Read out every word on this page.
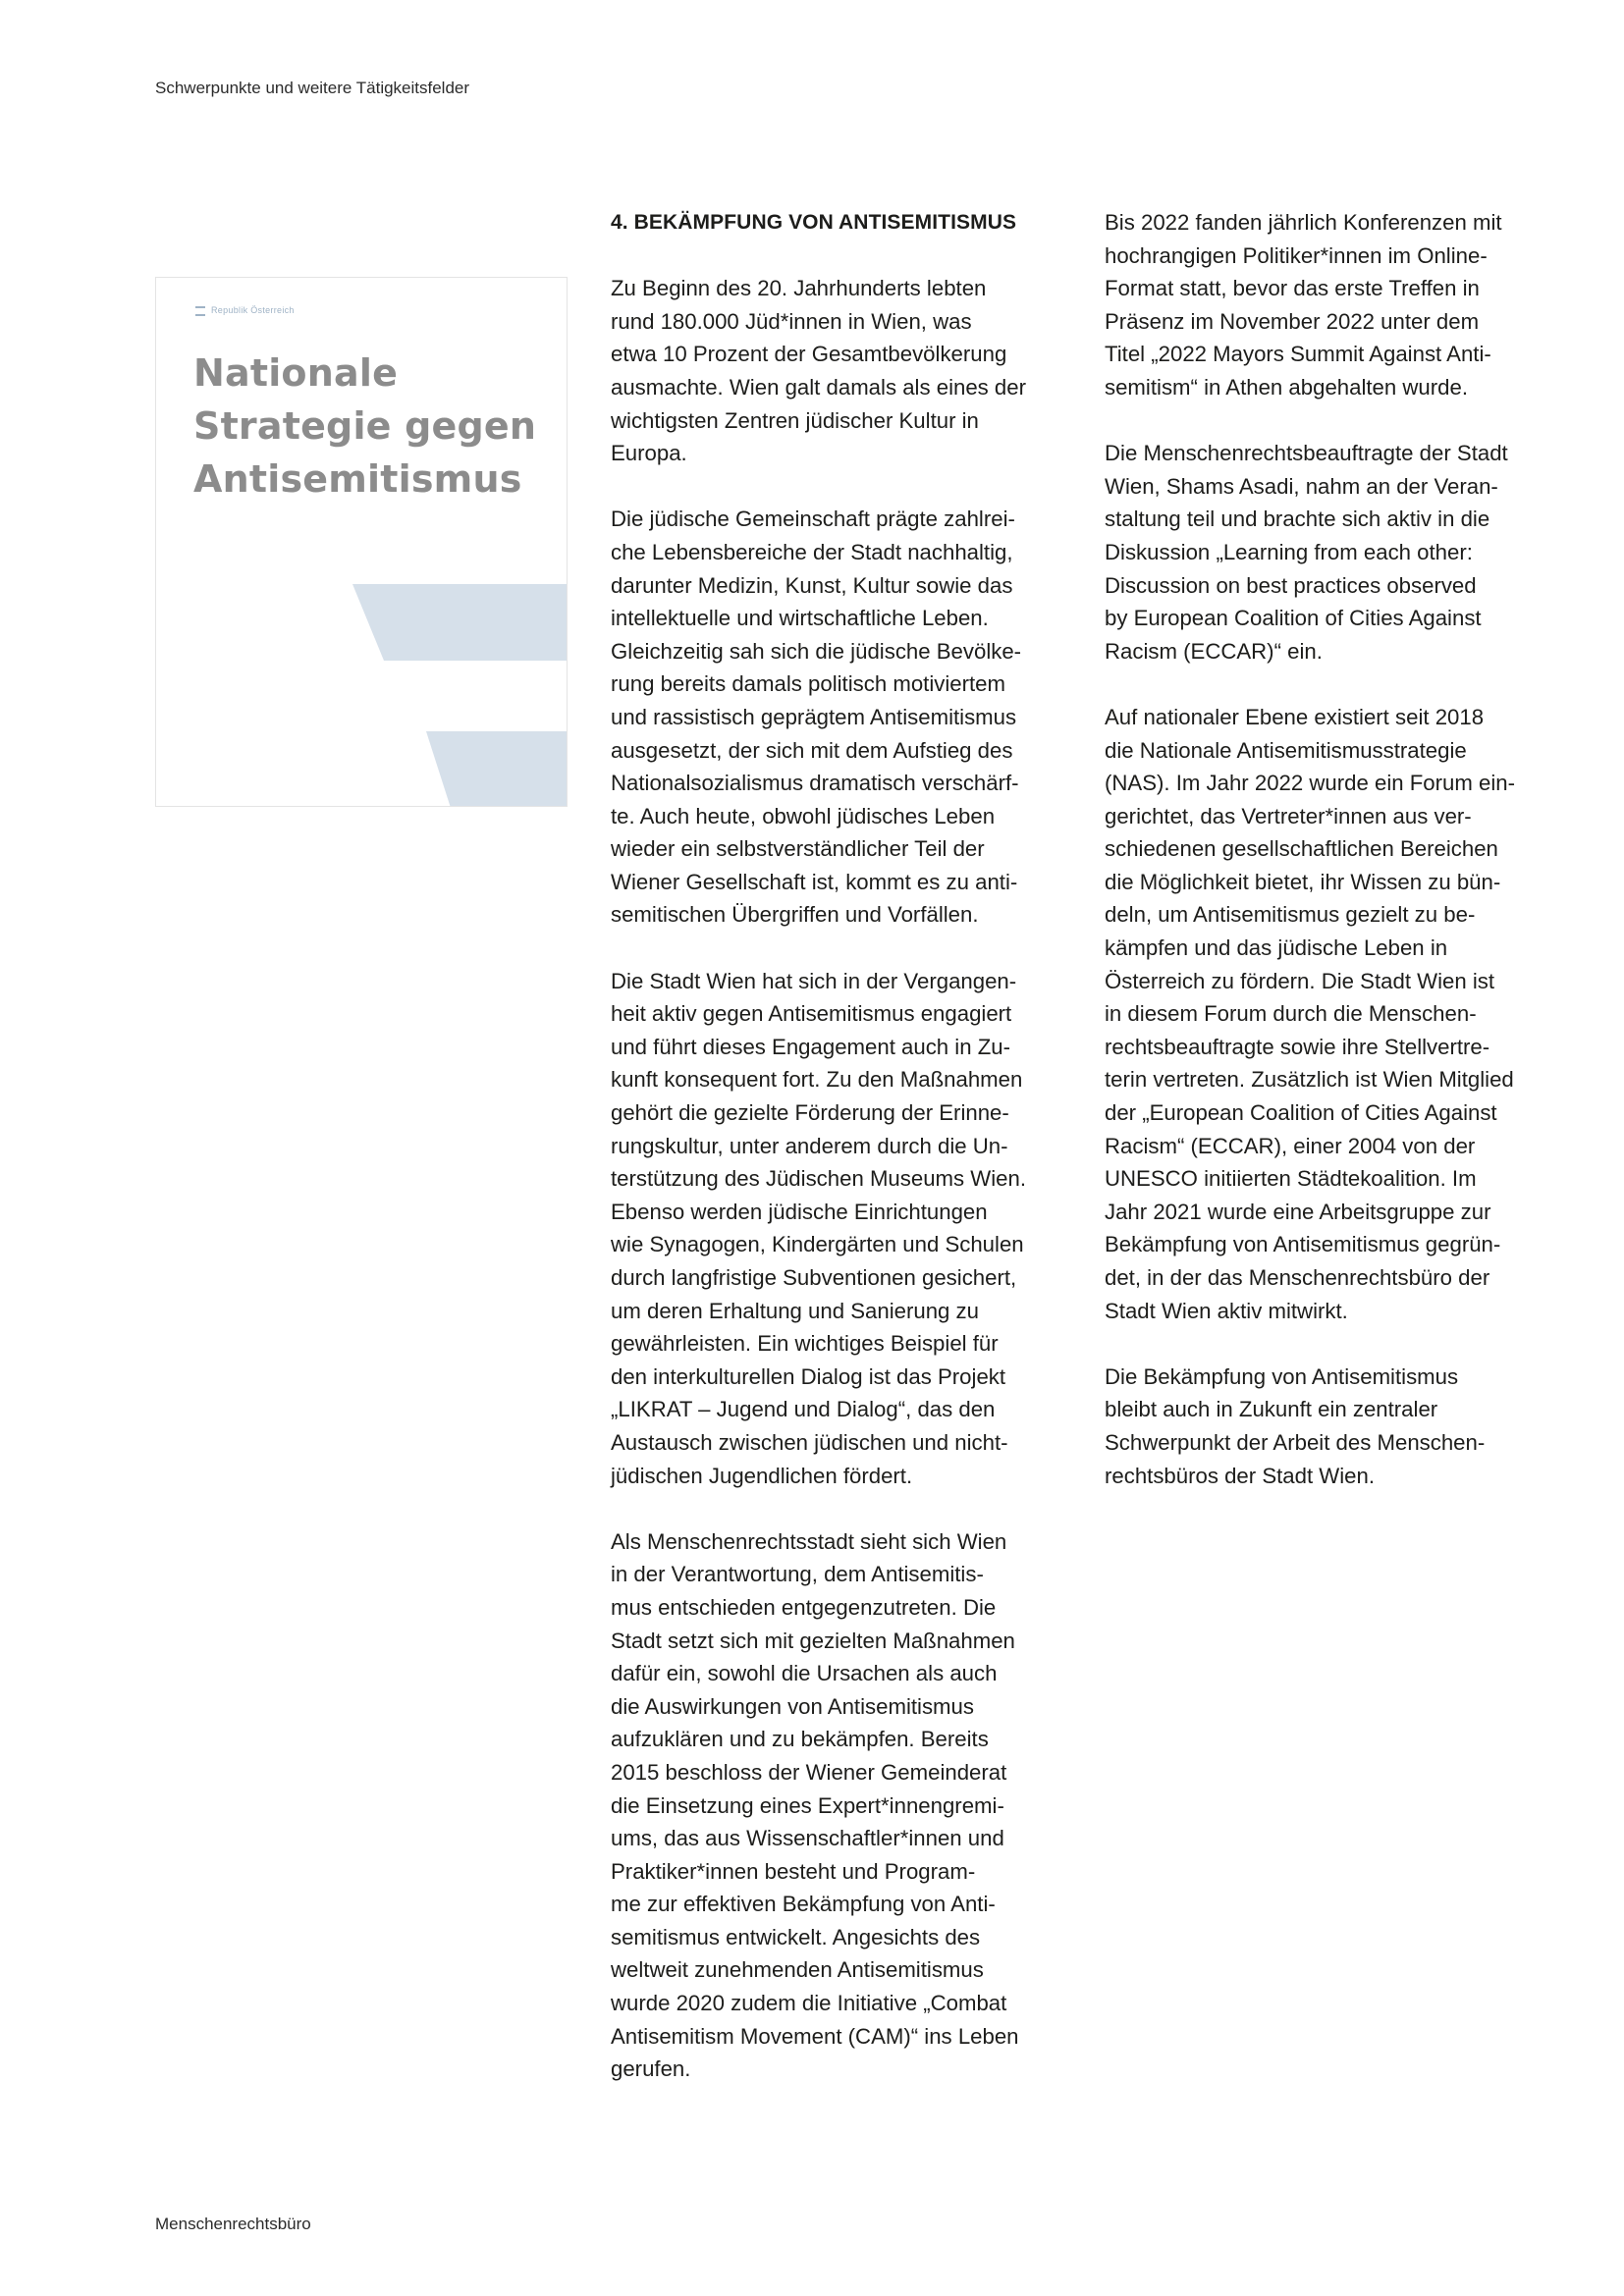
Schwerpunkte und weitere Tätigkeitsfelder
Republik Österreich
Nationale
Strategie gegen
Antisemitismus
4. BEKÄMPFUNG VON ANTISEMITISMUS
Zu Beginn des 20. Jahrhunderts lebten
rund 180.000 Jüd*innen in Wien, was
etwa 10 Prozent der Gesamtbevölkerung
ausmachte. Wien galt damals als eines der
wichtigsten Zentren jüdischer Kultur in
Europa.
Die jüdische Gemeinschaft prägte zahlrei-
che Lebensbereiche der Stadt nachhaltig,
darunter Medizin, Kunst, Kultur sowie das
intellektuelle und wirtschaftliche Leben.
Gleichzeitig sah sich die jüdische Bevölke-
rung bereits damals politisch motiviertem
und rassistisch geprägtem Antisemitismus
ausgesetzt, der sich mit dem Aufstieg des
Nationalsozialismus dramatisch verschärf-
te. Auch heute, obwohl jüdisches Leben
wieder ein selbstverständlicher Teil der
Wiener Gesellschaft ist, kommt es zu anti-
semitischen Übergriffen und Vorfällen.
Die Stadt Wien hat sich in der Vergangen-
heit aktiv gegen Antisemitismus engagiert
und führt dieses Engagement auch in Zu-
kunft konsequent fort. Zu den Maßnahmen
gehört die gezielte Förderung der Erinne-
rungskultur, unter anderem durch die Un-
terstützung des Jüdischen Museums Wien.
Ebenso werden jüdische Einrichtungen
wie Synagogen, Kindergärten und Schulen
durch langfristige Subventionen gesichert,
um deren Erhaltung und Sanierung zu
gewährleisten. Ein wichtiges Beispiel für
den interkulturellen Dialog ist das Projekt
„LIKRAT – Jugend und Dialog“, das den
Austausch zwischen jüdischen und nicht-
jüdischen Jugendlichen fördert.
Als Menschenrechtsstadt sieht sich Wien
in der Verantwortung, dem Antisemitis-
mus entschieden entgegenzutreten. Die
Stadt setzt sich mit gezielten Maßnahmen
dafür ein, sowohl die Ursachen als auch
die Auswirkungen von Antisemitismus
aufzuklären und zu bekämpfen. Bereits
2015 beschloss der Wiener Gemeinderat
die Einsetzung eines Expert*innengremi-
ums, das aus Wissenschaftler*innen und
Praktiker*innen besteht und Program-
me zur effektiven Bekämpfung von Anti-
semitismus entwickelt. Angesichts des
weltweit zunehmenden Antisemitismus
wurde 2020 zudem die Initiative „Combat
Antisemitism Movement (CAM)“ ins Leben
gerufen.
Bis 2022 fanden jährlich Konferenzen mit
hochrangigen Politiker*innen im Online-
Format statt, bevor das erste Treffen in
Präsenz im November 2022 unter dem
Titel „2022 Mayors Summit Against Anti-
semitism“ in Athen abgehalten wurde.
Die Menschenrechtsbeauftragte der Stadt
Wien, Shams Asadi, nahm an der Veran-
staltung teil und brachte sich aktiv in die
Diskussion „Learning from each other:
Discussion on best practices observed
by European Coalition of Cities Against
Racism (ECCAR)“ ein.
Auf nationaler Ebene existiert seit 2018
die Nationale Antisemitismusstrategie
(NAS). Im Jahr 2022 wurde ein Forum ein-
gerichtet, das Vertreter*innen aus ver-
schiedenen gesellschaftlichen Bereichen
die Möglichkeit bietet, ihr Wissen zu bün-
deln, um Antisemitismus gezielt zu be-
kämpfen und das jüdische Leben in
Österreich zu fördern. Die Stadt Wien ist
in diesem Forum durch die Menschen-
rechtsbeauftragte sowie ihre Stellvertre-
terin vertreten. Zusätzlich ist Wien Mitglied
der „European Coalition of Cities Against
Racism“ (ECCAR), einer 2004 von der
UNESCO initiierten Städtekoalition. Im
Jahr 2021 wurde eine Arbeitsgruppe zur
Bekämpfung von Antisemitismus gegrün-
det, in der das Menschenrechtsbüro der
Stadt Wien aktiv mitwirkt.
Die Bekämpfung von Antisemitismus
bleibt auch in Zukunft ein zentraler
Schwerpunkt der Arbeit des Menschen-
rechtsbüros der Stadt Wien.
Menschenrechtsbüro
